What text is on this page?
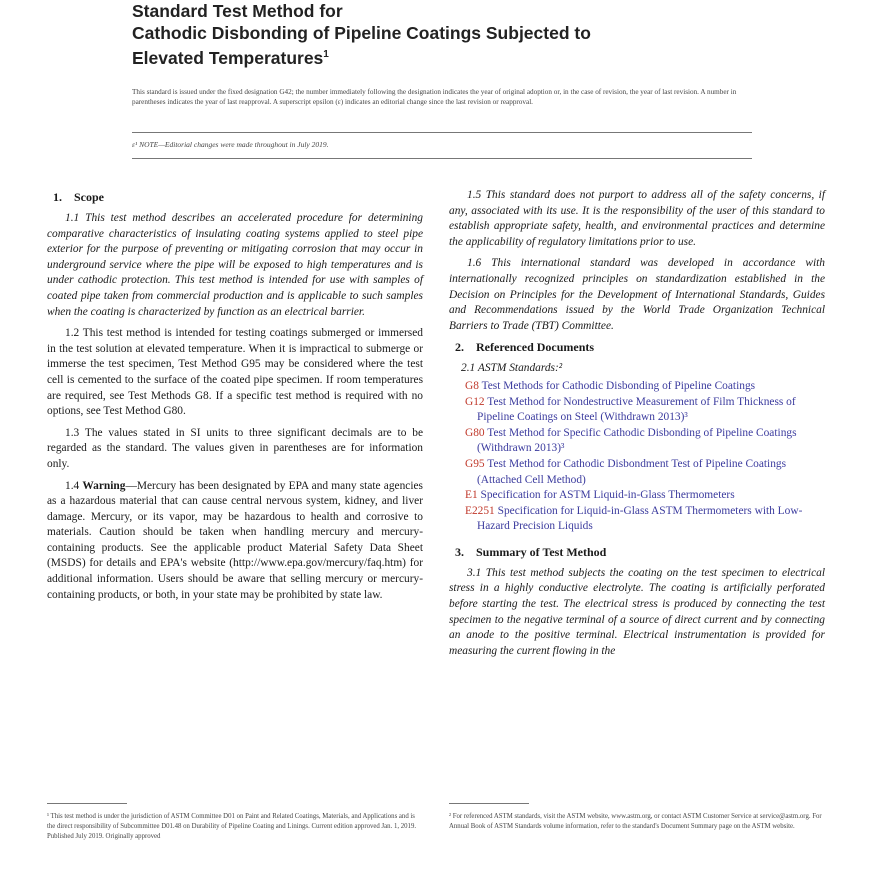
Standard Test Method for
Cathodic Disbonding of Pipeline Coatings Subjected to
Elevated Temperatures$^1$
This standard is issued under the fixed designation G42; the number immediately following the designation indicates the year of original adoption or, in the case of revision, the year of last revision. A number in parentheses indicates the year of last reapproval. A superscript epsilon (ε) indicates an editorial change since the last revision or reapproval.
ε¹ NOTE—Editorial changes were made throughout in July 2019.
1. Scope

1.1 This test method describes an accelerated procedure for determining comparative characteristics of insulating coating systems applied to steel pipe exterior for the purpose of preventing or mitigating corrosion that may occur in underground service where the pipe will be exposed to high temperatures and is under cathodic protection. This test method is intended for use with samples of coated pipe taken from commercial production and is applicable to such samples when the coating is characterized by function as an electrical barrier.

1.2 This test method is intended for testing coatings submerged or immersed in the test solution at elevated temperature. When it is impractical to submerge or immerse the test specimen, Test Method G95 may be considered where the test cell is cemented to the surface of the coated pipe specimen. If room temperatures are required, see Test Methods G8. If a specific test method is required with no options, see Test Method G80.

1.3 The values stated in SI units to three significant decimals are to be regarded as the standard. The values given in parentheses are for information only.

1.4 Warning—Mercury has been designated by EPA and many state agencies as a hazardous material that can cause central nervous system, kidney, and liver damage. Mercury, or its vapor, may be hazardous to health and corrosive to materials. Caution should be taken when handling mercury and mercury-containing products. See the applicable product Material Safety Data Sheet (MSDS) for details and EPA's website (http://www.epa.gov/mercury/faq.htm) for additional information. Users should be aware that selling mercury or mercury-containing products, or both, in your state may be prohibited by state law.

1.5 This standard does not purport to address all of the safety concerns, if any, associated with its use. It is the responsibility of the user of this standard to establish appropriate safety, health, and environmental practices and determine the applicability of regulatory limitations prior to use.

1.6 This international standard was developed in accordance with internationally recognized principles on standardization established in the Decision on Principles for the Development of International Standards, Guides and Recommendations issued by the World Trade Organization Technical Barriers to Trade (TBT) Committee.

2. Referenced Documents
2.1 ASTM Standards:²
G8 Test Methods for Cathodic Disbonding of Pipeline Coatings
G12 Test Method for Nondestructive Measurement of Film Thickness of Pipeline Coatings on Steel (Withdrawn 2013)³
G80 Test Method for Specific Cathodic Disbonding of Pipeline Coatings (Withdrawn 2013)³
G95 Test Method for Cathodic Disbondment Test of Pipeline Coatings (Attached Cell Method)
E1 Specification for ASTM Liquid-in-Glass Thermometers
E2251 Specification for Liquid-in-Glass ASTM Thermometers with Low-Hazard Precision Liquids
3. Summary of Test Method

3.1 This test method subjects the coating on the test specimen to electrical stress in a highly conductive electrolyte. The coating is artificially perforated before starting the test. The electrical stress is produced by connecting the test specimen to the negative terminal of a source of direct current and by connecting an anode to the positive terminal. Electrical instrumentation is provided for measuring the current flowing in the

¹ This test method is under the jurisdiction of ASTM Committee D01 on Paint and Related Coatings, Materials, and Applications and is the direct responsibility of Subcommittee D01.48 on Durability of Pipeline Coating and Linings. Current edition approved Jan. 1, 2019. Published July 2019. Originally approved
² For referenced ASTM standards, visit the ASTM website, www.astm.org, or contact ASTM Customer Service at service@astm.org. For Annual Book of ASTM Standards volume information, refer to the standard's Document Summary page on the ASTM website.
